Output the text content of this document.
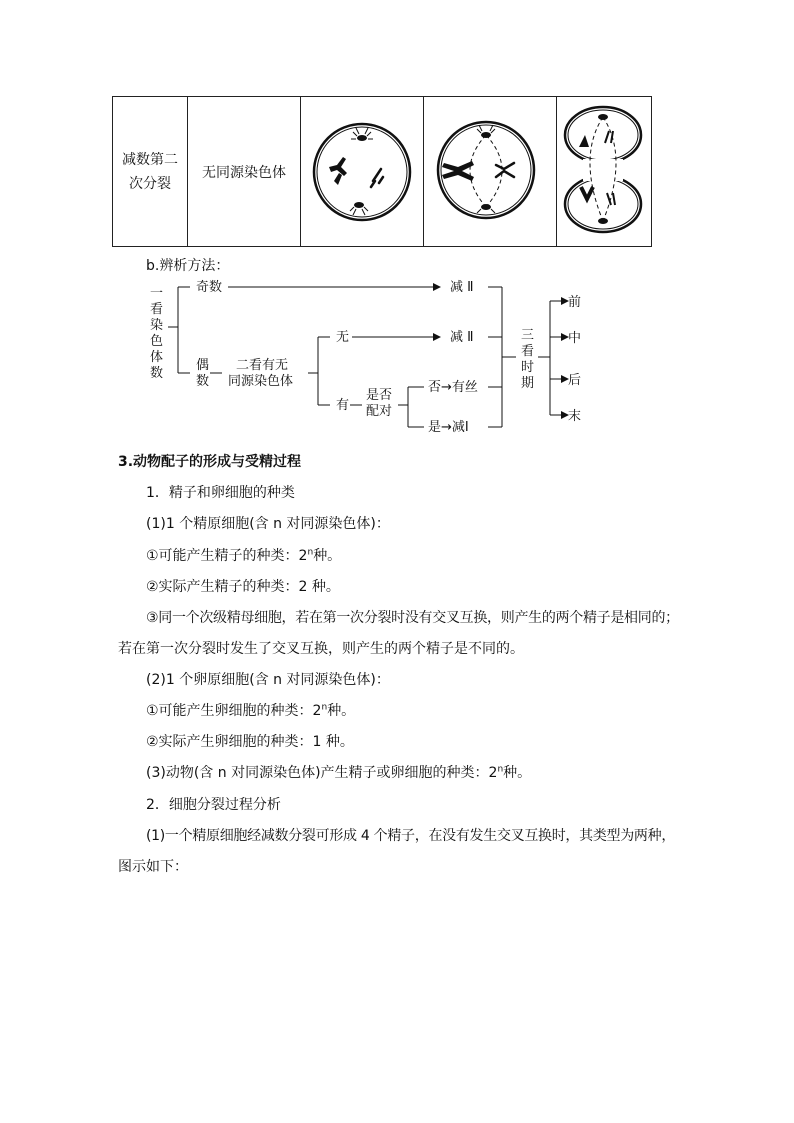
减数第二
次分裂
	无同源染色体			
b.辨析方法：
一
看
染
色
体
数
奇数
偶
数
二看有无
同源染色体
无
有
是否
配对
否→有丝
是→减Ⅰ
减 Ⅱ
减 Ⅱ	三
看
时
期
前
中
后
末
3.动物配子的形成与受精过程
1．精子和卵细胞的种类
(1)1 个精原细胞(含 n 对同源染色体)：
①可能产生精子的种类：2$^n$种。
②实际产生精子的种类：2 种。
③同一个次级精母细胞，若在第一次分裂时没有交叉互换，则产生的两个精子是相同的；
若在第一次分裂时发生了交叉互换，则产生的两个精子是不同的。
(2)1 个卵原细胞(含 n 对同源染色体)：
①可能产生卵细胞的种类：2$^n$种。
②实际产生卵细胞的种类：1 种。
(3)动物(含 n 对同源染色体)产生精子或卵细胞的种类：2$^n$种。
2．细胞分裂过程分析
(1)一个精原细胞经减数分裂可形成 4 个精子，在没有发生交叉互换时，其类型为两种，
图示如下：
